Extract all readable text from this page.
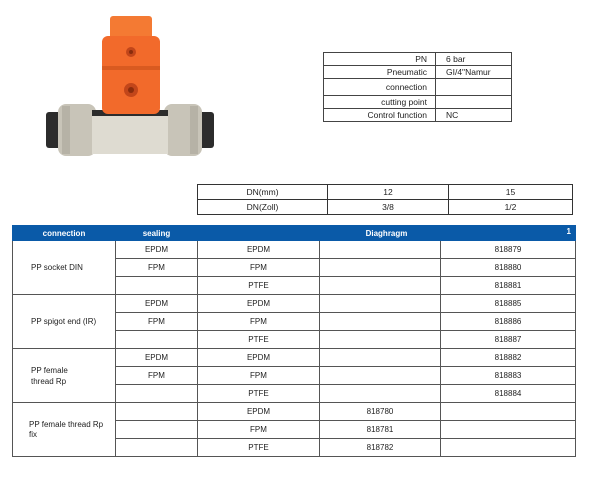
PN	6 bar
Pneumatic	GI/4"Namur
connection	
cutting point	
Control function	NC
DN(mm)	12	15
DN(Zoll)	3/8	1/2
connection	sealing	Diaghragm 1		

PP socket DIN	EPDM	EPDM		818879
	FPM	FPM		818880
		PTFE		818881
PP spigot end (IR)	EPDM	EPDM		818885
	FPM	FPM		818886
		PTFE		818887
PP female
thread Rp	EPDM	EPDM		818882
	FPM	FPM		818883
		PTFE		818884
PP female thread Rp
fix		EPDM	818780	
		FPM	818781	
		PTFE	818782	
